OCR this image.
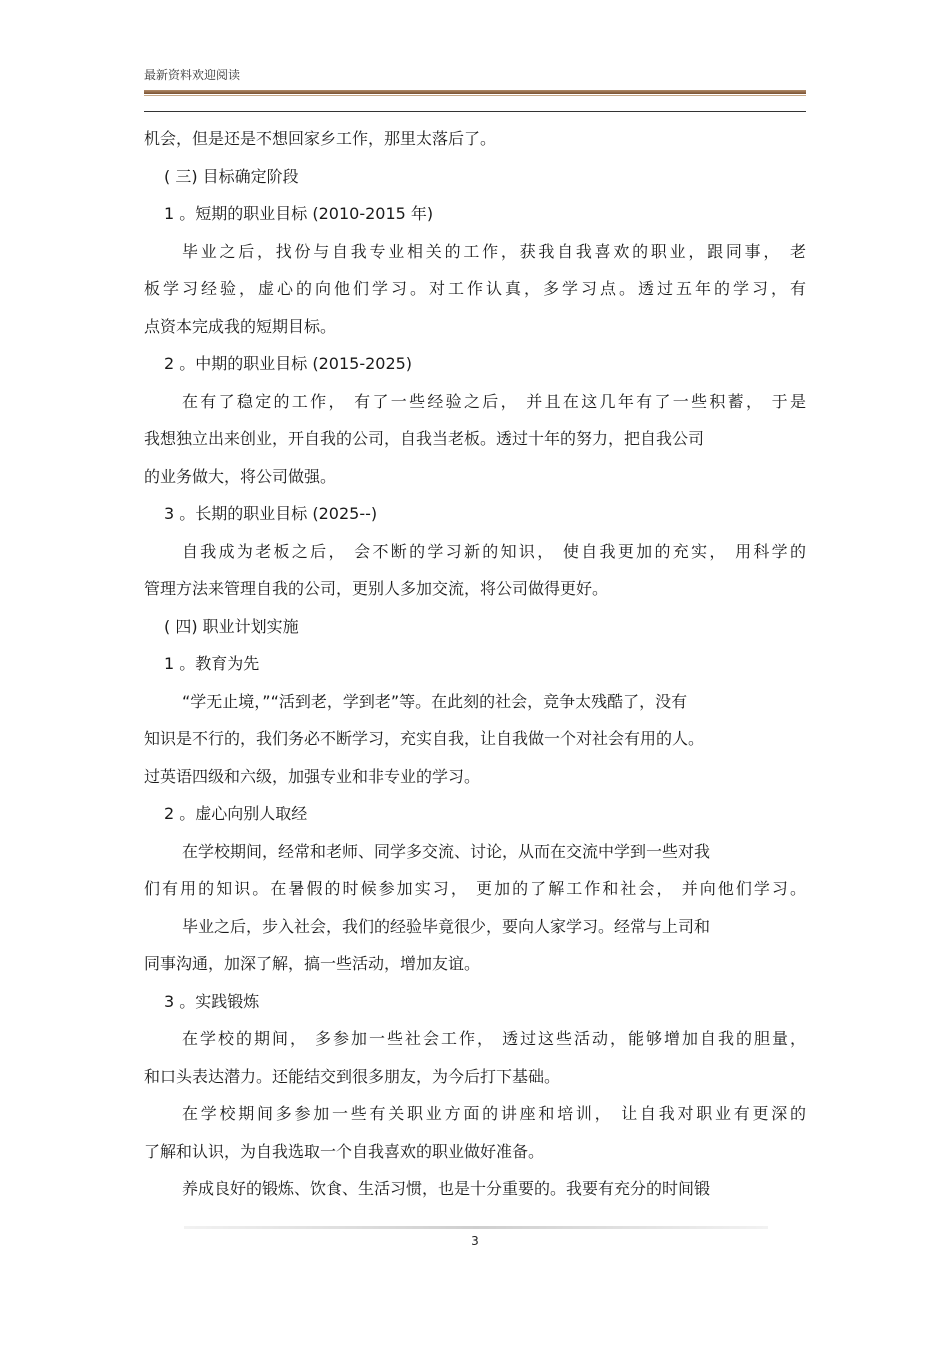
最新资料欢迎阅读
机会，但是还是不想回家乡工作，那里太落后了。
( 三) 目标确定阶段
1 。短期的职业目标 (2010-2015 年)
毕业之后，找份与自我专业相关的工作，获我自我喜欢的职业，跟同事， 老
板学习经验，虚心的向他们学习。对工作认真，多学习点。透过五年的学习，有
点资本完成我的短期目标。
2 。中期的职业目标 (2015-2025)
在有了稳定的工作， 有了一些经验之后， 并且在这几年有了一些积蓄， 于是
我想独立出来创业，开自我的公司，自我当老板。透过十年的努力，把自我公司
的业务做大，将公司做强。
3 。长期的职业目标 (2025--)
自我成为老板之后， 会不断的学习新的知识， 使自我更加的充实， 用科学的
管理方法来管理自我的公司，更别人多加交流，将公司做得更好。
( 四) 职业计划实施
1 。教育为先
“学无止境，”“活到老，学到老”等。在此刻的社会，竞争太残酷了，没有
知识是不行的，我们务必不断学习，充实自我，让自我做一个对社会有用的人。
过英语四级和六级，加强专业和非专业的学习。
2 。虚心向别人取经
在学校期间，经常和老师、同学多交流、讨论，从而在交流中学到一些对我
们有用的知识。在暑假的时候参加实习， 更加的了解工作和社会， 并向他们学习。
毕业之后，步入社会，我们的经验毕竟很少，要向人家学习。经常与上司和
同事沟通，加深了解，搞一些活动，增加友谊。
3 。实践锻炼
在学校的期间， 多参加一些社会工作， 透过这些活动，能够增加自我的胆量，
和口头表达潜力。还能结交到很多朋友，为今后打下基础。
在学校期间多参加一些有关职业方面的讲座和培训， 让自我对职业有更深的
了解和认识，为自我选取一个自我喜欢的职业做好准备。
养成良好的锻炼、饮食、生活习惯，也是十分重要的。我要有充分的时间锻
3
